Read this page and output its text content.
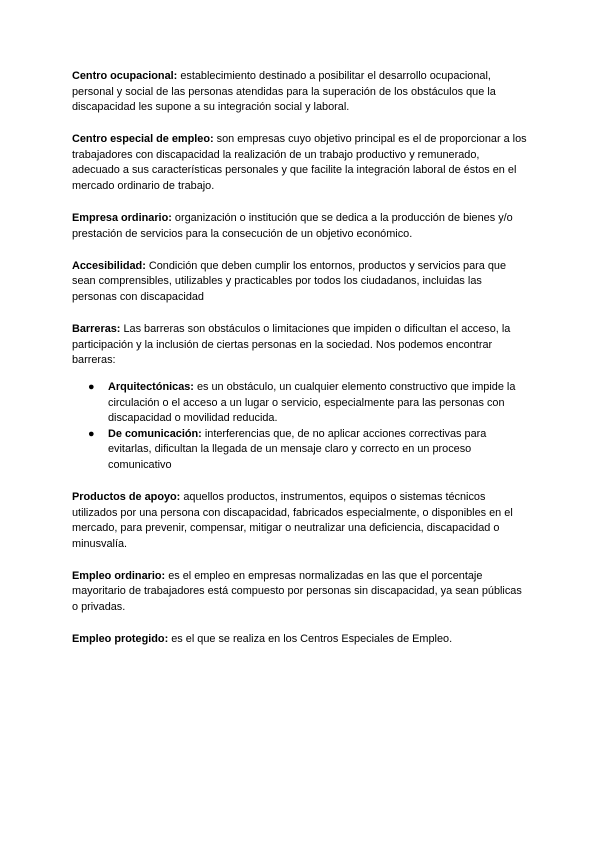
Centro ocupacional: establecimiento destinado a posibilitar el desarrollo ocupacional, personal y social de las personas atendidas para la superación de los obstáculos que la discapacidad les supone a su integración social y laboral.

Centro especial de empleo: son empresas cuyo objetivo principal es el de proporcionar a los trabajadores con discapacidad la realización de un trabajo productivo y remunerado, adecuado a sus características personales y que facilite la integración laboral de éstos en el mercado ordinario de trabajo.

Empresa ordinario: organización o institución que se dedica a la producción de bienes y/o prestación de servicios para la consecución de un objetivo económico.

Accesibilidad: Condición que deben cumplir los entornos, productos y servicios para que sean comprensibles, utilizables y practicables por todos los ciudadanos, incluidas las personas con discapacidad

Barreras: Las barreras son obstáculos o limitaciones que impiden o dificultan el acceso, la participación y la inclusión de ciertas personas en la sociedad. Nos podemos encontrar barreras:

● Arquitectónicas: es un obstáculo, un cualquier elemento constructivo que impide la circulación o el acceso a un lugar o servicio, especialmente para las personas con discapacidad o movilidad reducida.
● De comunicación: interferencias que, de no aplicar acciones correctivas para evitarlas, dificultan la llegada de un mensaje claro y correcto en un proceso comunicativo

Productos de apoyo: aquellos productos, instrumentos, equipos o sistemas técnicos utilizados por una persona con discapacidad, fabricados especialmente, o disponibles en el mercado, para prevenir, compensar, mitigar o neutralizar una deficiencia, discapacidad o minusvalía.

Empleo ordinario: es el empleo en empresas normalizadas en las que el porcentaje mayoritario de trabajadores está compuesto por personas sin discapacidad, ya sean públicas o privadas.

Empleo protegido: es el que se realiza en los Centros Especiales de Empleo.
